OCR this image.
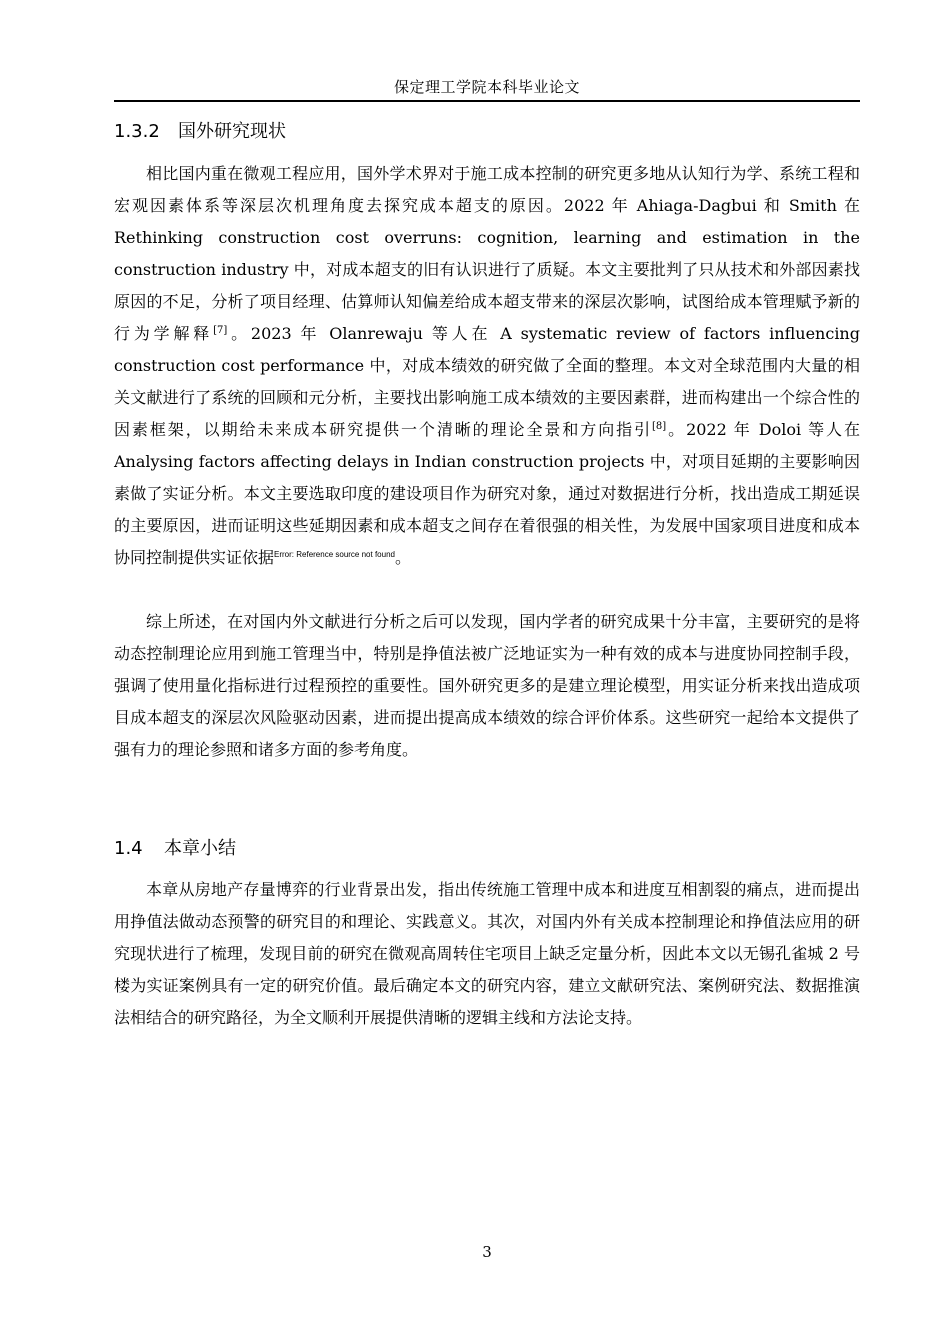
保定理工学院本科毕业论文
1.3.2 国外研究现状

相比国内重在微观工程应用，国外学术界对于施工成本控制的研究更多地从认知行为学、系统工程和宏观因素体系等深层次机理角度去探究成本超支的原因。2022 年 Ahiaga-Dagbui 和 Smith 在 Rethinking construction cost overruns: cognition, learning and estimation in the construction industry 中，对成本超支的旧有认识进行了质疑。本文主要批判了只从技术和外部因素找原因的不足，分析了项目经理、估算师认知偏差给成本超支带来的深层次影响，试图给成本管理赋予新的行为学解释[7]。2023 年 Olanrewaju 等人在 A systematic review of factors influencing construction cost performance 中，对成本绩效的研究做了全面的整理。本文对全球范围内大量的相关文献进行了系统的回顾和元分析，主要找出影响施工成本绩效的主要因素群，进而构建出一个综合性的因素框架，以期给未来成本研究提供一个清晰的理论全景和方向指引[8]。2022 年 Doloi 等人在 Analysing factors affecting delays in Indian construction projects 中，对项目延期的主要影响因素做了实证分析。本文主要选取印度的建设项目作为研究对象，通过对数据进行分析，找出造成工期延误的主要原因，进而证明这些延期因素和成本超支之间存在着很强的相关性，为发展中国家项目进度和成本协同控制提供实证依据$^{Error: Reference source not found}$。

综上所述，在对国内外文献进行分析之后可以发现，国内学者的研究成果十分丰富，主要研究的是将动态控制理论应用到施工管理当中，特别是挣值法被广泛地证实为一种有效的成本与进度协同控制手段，强调了使用量化指标进行过程预控的重要性。国外研究更多的是建立理论模型，用实证分析来找出造成项目成本超支的深层次风险驱动因素，进而提出提高成本绩效的综合评价体系。这些研究一起给本文提供了强有力的理论参照和诸多方面的参考角度。

1.4 本章小结

本章从房地产存量博弈的行业背景出发，指出传统施工管理中成本和进度互相割裂的痛点，进而提出用挣值法做动态预警的研究目的和理论、实践意义。其次，对国内外有关成本控制理论和挣值法应用的研究现状进行了梳理，发现目前的研究在微观高周转住宅项目上缺乏定量分析，因此本文以无锡孔雀城 2 号楼为实证案例具有一定的研究价值。最后确定本文的研究内容，建立文献研究法、案例研究法、数据推演法相结合的研究路径，为全文顺利开展提供清晰的逻辑主线和方法论支持。

3
